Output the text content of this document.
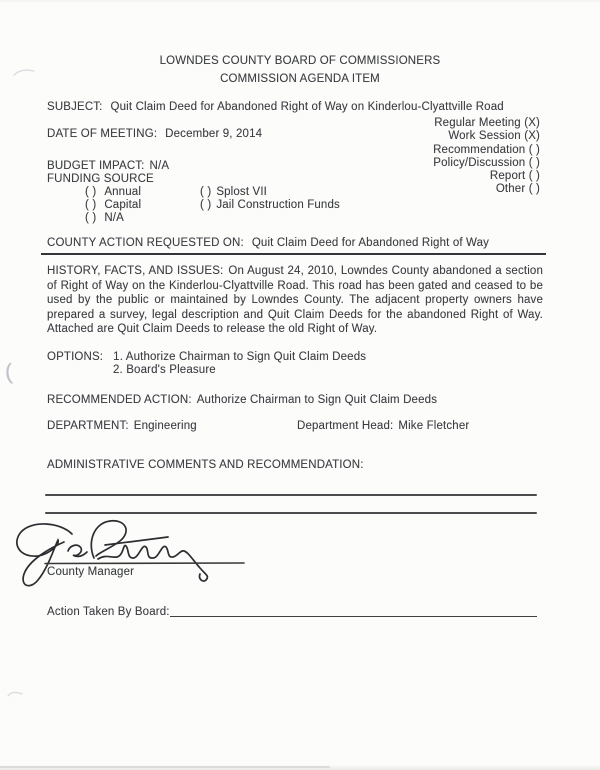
LOWNDES COUNTY BOARD OF COMMISSIONERS
COMMISSION AGENDA ITEM
SUBJECT: Quit Claim Deed for Abandoned Right of Way on Kinderlou-Clyattville Road
Regular Meeting (X)
Work Session (X)
Recommendation ( )
Policy/Discussion ( )
Report ( )
Other ( )
DATE OF MEETING: December 9, 2014
BUDGET IMPACT: N/A
FUNDING SOURCE
( ) Annual
( ) Capital
( ) N/A
( ) Splost VII
( ) Jail Construction Funds
COUNTY ACTION REQUESTED ON: Quit Claim Deed for Abandoned Right of Way
HISTORY, FACTS, AND ISSUES: On August 24, 2010, Lowndes County abandoned a section of Right of Way on the Kinderlou-Clyattville Road. This road has been gated and ceased to be used by the public or maintained by Lowndes County. The adjacent property owners have prepared a survey, legal description and Quit Claim Deeds for the abandoned Right of Way. Attached are Quit Claim Deeds to release the old Right of Way.
OPTIONS: 1. Authorize Chairman to Sign Quit Claim Deeds
2. Board's Pleasure
RECOMMENDED ACTION: Authorize Chairman to Sign Quit Claim Deeds
DEPARTMENT: Engineering	Department Head: Mike Fletcher
ADMINISTRATIVE COMMENTS AND RECOMMENDATION:
County Manager
Action Taken By Board:
(
